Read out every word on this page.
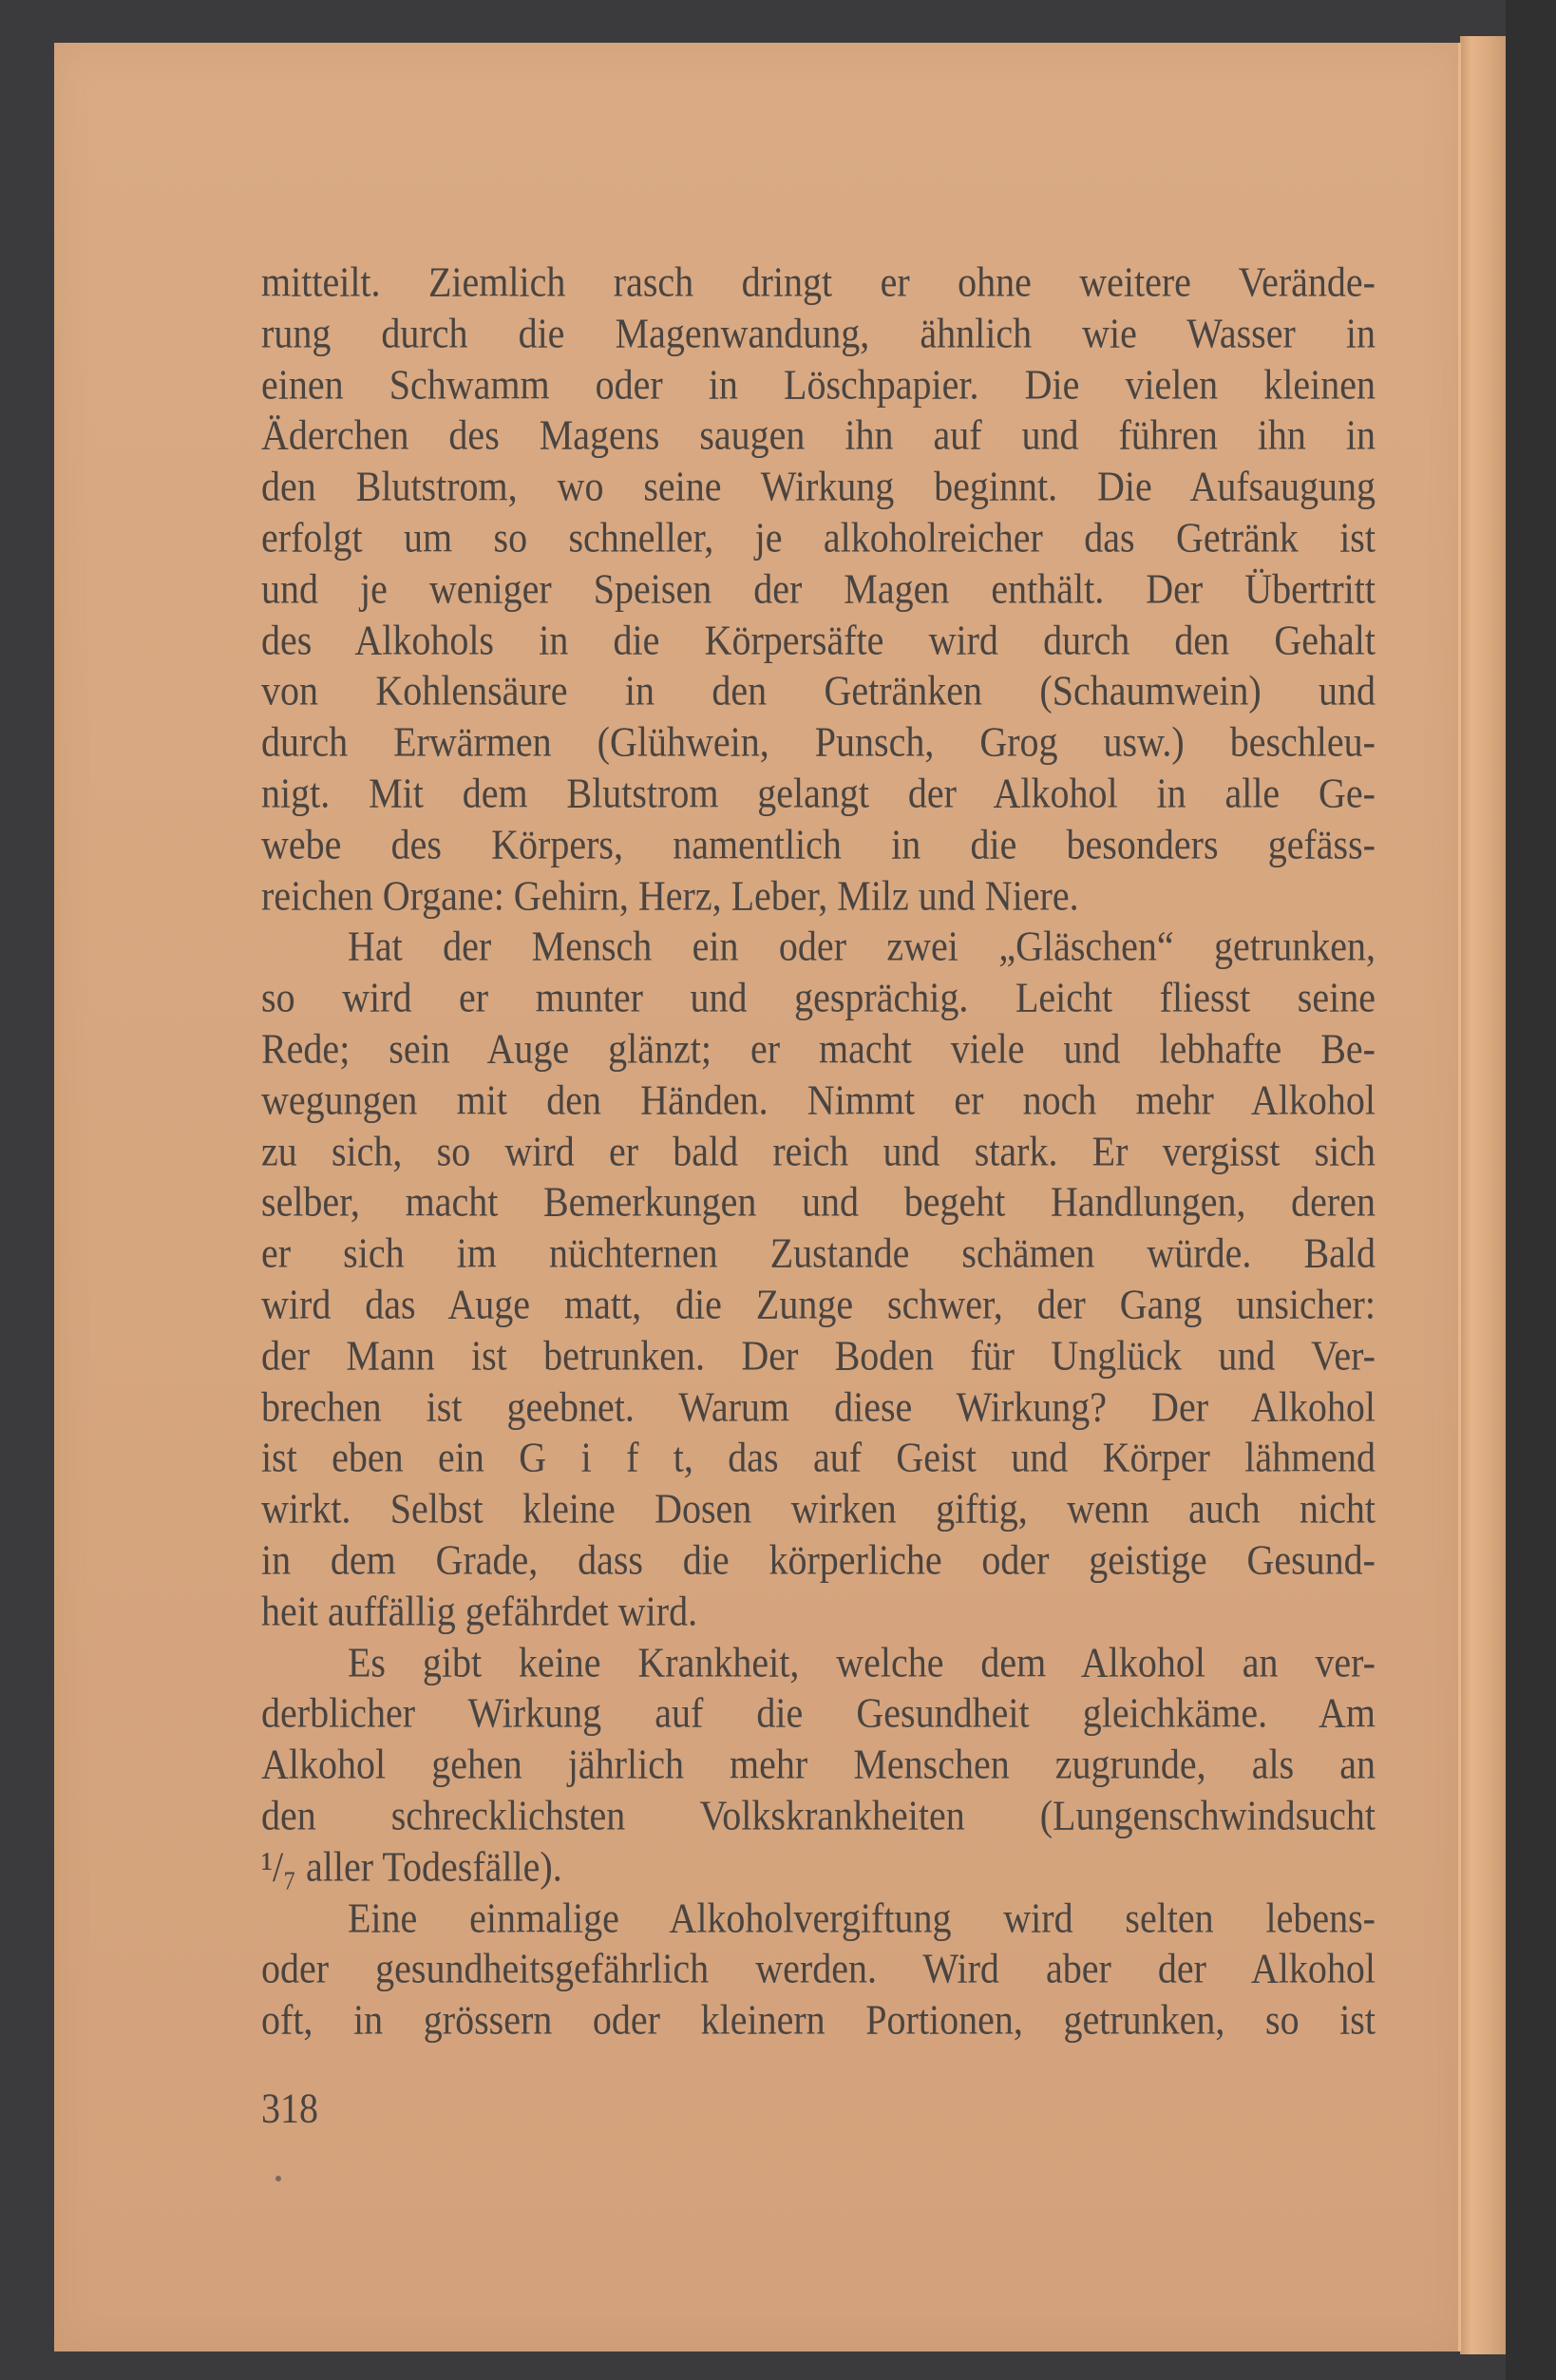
mitteilt. Ziemlich rasch dringt er ohne weitere Verände-
rung durch die Magenwandung, ähnlich wie Wasser in
einen Schwamm oder in Löschpapier. Die vielen kleinen
Äderchen des Magens saugen ihn auf und führen ihn in
den Blutstrom, wo seine Wirkung beginnt. Die Aufsaugung
erfolgt um so schneller, je alkoholreicher das Getränk ist
und je weniger Speisen der Magen enthält. Der Übertritt
des Alkohols in die Körpersäfte wird durch den Gehalt
von Kohlensäure in den Getränken (Schaumwein) und
durch Erwärmen (Glühwein, Punsch, Grog usw.) beschleu-
nigt. Mit dem Blutstrom gelangt der Alkohol in alle Ge-
webe des Körpers, namentlich in die besonders gefäss-
reichen Organe: Gehirn, Herz, Leber, Milz und Niere.
Hat der Mensch ein oder zwei „Gläschen“ getrunken,
so wird er munter und gesprächig. Leicht fliesst seine
Rede; sein Auge glänzt; er macht viele und lebhafte Be-
wegungen mit den Händen. Nimmt er noch mehr Alkohol
zu sich, so wird er bald reich und stark. Er vergisst sich
selber, macht Bemerkungen und begeht Handlungen, deren
er sich im nüchternen Zustande schämen würde. Bald
wird das Auge matt, die Zunge schwer, der Gang unsicher:
der Mann ist betrunken. Der Boden für Unglück und Ver-
brechen ist geebnet. Warum diese Wirkung? Der Alkohol
ist eben ein G i f t, das auf Geist und Körper lähmend
wirkt. Selbst kleine Dosen wirken giftig, wenn auch nicht
in dem Grade, dass die körperliche oder geistige Gesund-
heit auffällig gefährdet wird.
Es gibt keine Krankheit, welche dem Alkohol an ver-
derblicher Wirkung auf die Gesundheit gleichkäme. Am
Alkohol gehen jährlich mehr Menschen zugrunde, als an
den schrecklichsten Volkskrankheiten (Lungenschwindsucht
¹/₇ aller Todesfälle).
Eine einmalige Alkoholvergiftung wird selten lebens-
oder gesundheitsgefährlich werden. Wird aber der Alkohol
oft, in grössern oder kleinern Portionen, getrunken, so ist
318
